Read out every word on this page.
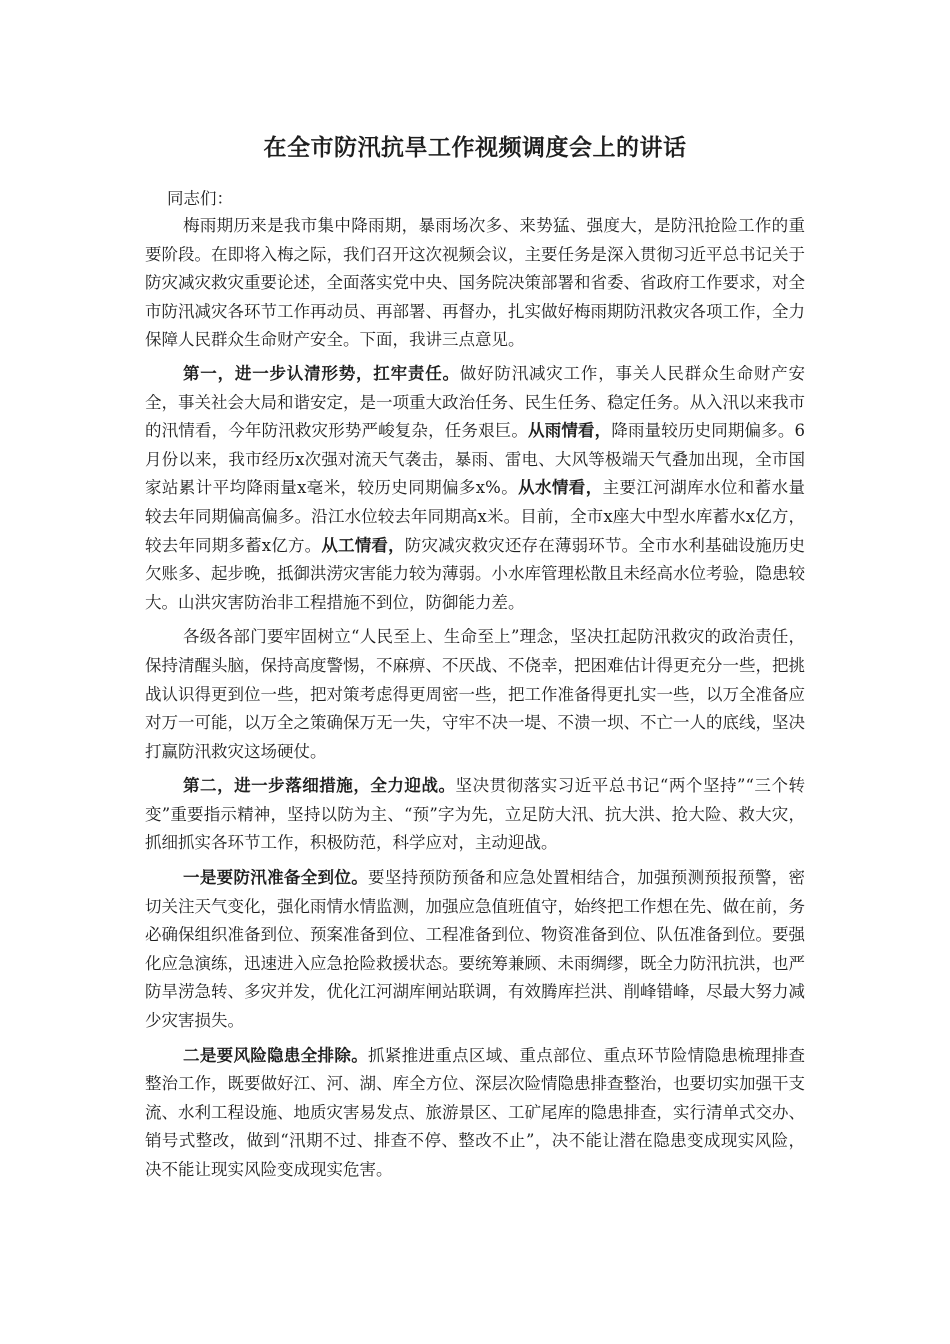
在全市防汛抗旱工作视频调度会上的讲话

同志们：

梅雨期历来是我市集中降雨期，暴雨场次多、来势猛、强度大，是防汛抢险工作的重要阶段。在即将入梅之际，我们召开这次视频会议，主要任务是深入贯彻习近平总书记关于防灾减灾救灾重要论述，全面落实党中央、国务院决策部署和省委、省政府工作要求，对全市防汛减灾各环节工作再动员、再部署、再督办，扎实做好梅雨期防汛救灾各项工作，全力保障人民群众生命财产安全。下面，我讲三点意见。

第一，进一步认清形势，扛牢责任。做好防汛减灾工作，事关人民群众生命财产安全，事关社会大局和谐安定，是一项重大政治任务、民生任务、稳定任务。从入汛以来我市的汛情看，今年防汛救灾形势严峻复杂，任务艰巨。从雨情看，降雨量较历史同期偏多。6月份以来，我市经历x次强对流天气袭击，暴雨、雷电、大风等极端天气叠加出现，全市国家站累计平均降雨量x毫米，较历史同期偏多x%。从水情看，主要江河湖库水位和蓄水量较去年同期偏高偏多。沿江水位较去年同期高x米。目前，全市x座大中型水库蓄水x亿方，较去年同期多蓄x亿方。从工情看，防灾减灾救灾还存在薄弱环节。全市水利基础设施历史欠账多、起步晚，抵御洪涝灾害能力较为薄弱。小水库管理松散且未经高水位考验，隐患较大。山洪灾害防治非工程措施不到位，防御能力差。

各级各部门要牢固树立“人民至上、生命至上”理念，坚决扛起防汛救灾的政治责任，保持清醒头脑，保持高度警惕，不麻痹、不厌战、不侥幸，把困难估计得更充分一些，把挑战认识得更到位一些，把对策考虑得更周密一些，把工作准备得更扎实一些，以万全准备应对万一可能，以万全之策确保万无一失，守牢不决一堤、不溃一坝、不亡一人的底线，坚决打赢防汛救灾这场硬仗。

第二，进一步落细措施，全力迎战。坚决贯彻落实习近平总书记“两个坚持”“三个转变”重要指示精神，坚持以防为主、“预”字为先，立足防大汛、抗大洪、抢大险、救大灾，抓细抓实各环节工作，积极防范，科学应对，主动迎战。

一是要防汛准备全到位。要坚持预防预备和应急处置相结合，加强预测预报预警，密切关注天气变化，强化雨情水情监测，加强应急值班值守，始终把工作想在先、做在前，务必确保组织准备到位、预案准备到位、工程准备到位、物资准备到位、队伍准备到位。要强化应急演练，迅速进入应急抢险救援状态。要统筹兼顾、未雨绸缪，既全力防汛抗洪，也严防旱涝急转、多灾并发，优化江河湖库闸站联调，有效腾库拦洪、削峰错峰，尽最大努力减少灾害损失。

二是要风险隐患全排除。抓紧推进重点区域、重点部位、重点环节险情隐患梳理排查整治工作，既要做好江、河、湖、库全方位、深层次险情隐患排查整治，也要切实加强干支流、水利工程设施、地质灾害易发点、旅游景区、工矿尾库的隐患排查，实行清单式交办、销号式整改，做到“汛期不过、排查不停、整改不止”，决不能让潜在隐患变成现实风险，决不能让现实风险变成现实危害。
